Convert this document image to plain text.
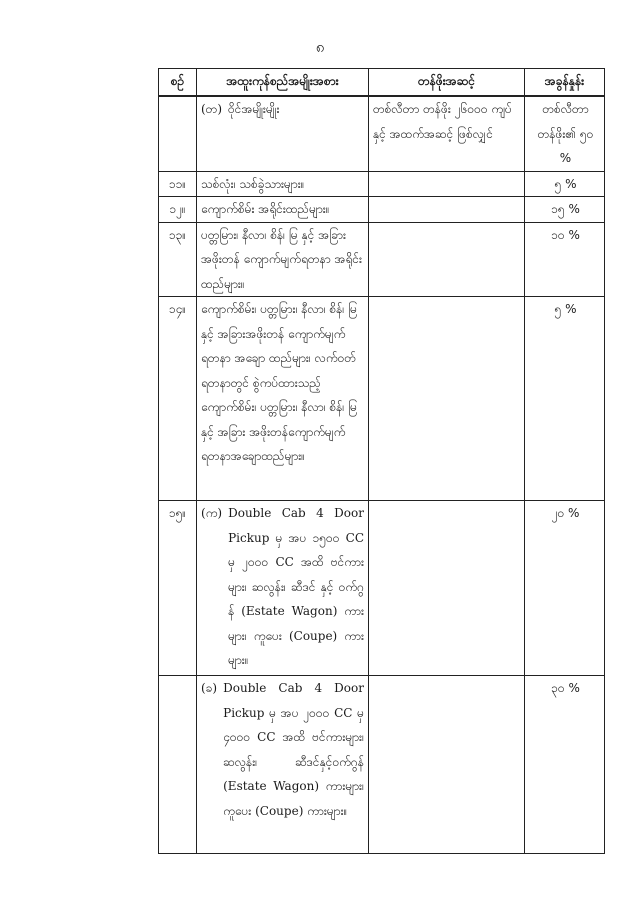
၈
စဉ်	အထူးကုန်စည်အမျိုးအစား	တန်ဖိုးအဆင့်	အခွန်နှုန်း

	(တ) ဝိုင်အမျိုးမျိုး	တစ်လီတာ တန်ဖိုး ၂၆၀၀၀ ကျပ် နှင့် အထက်အဆင့် ဖြစ်လျှင်	တစ်လီတာ တန်ဖိုး၏ ၅၀ %
၁၁။	သစ်လုံး၊ သစ်ခွဲသားများ။		၅ %
၁၂။	ကျောက်စိမ်း အရိုင်းထည်များ။		၁၅ %
၁၃။	ပတ္တမြား၊ နီလာ၊ စိန်၊ မြ နှင့် အခြားအဖိုးတန် ကျောက်မျက်ရတနာ အရိုင်း ထည်များ။		၁၀ %
၁၄။	ကျောက်စိမ်း၊ ပတ္တမြား၊ နီလာ၊ စိန်၊ မြ နှင့် အခြားအဖိုးတန် ကျောက်မျက် ရတနာ အချော ထည်များ၊ လက်ဝတ်ရတနာတွင် စွဲကပ်ထားသည့် ကျောက်စိမ်း၊ ပတ္တမြား၊ နီလာ၊ စိန်၊ မြ နှင့် အခြား အဖိုးတန်ကျောက်မျက် ရတနာအချောထည်များ။		၅ %
၁၅။	(က) Double Cab 4 Door Pickup မှ အပ ၁၅၀၀ CC မှ ၂၀၀၀ CC အထိ ဗင်ကားများ၊ ဆလွန်း၊ ဆီဒင် နှင့် ဝက်ဂွန် (Estate Wagon) ကားများ၊ ကူပေး (Coupe) ကားများ။		၂၀ %

	(ခ) Double Cab 4 Door Pickup မှ အပ ၂၀၀၀ CC မှ ၄၀၀၀ CC အထိ ဗင်ကားများ၊ ဆလွန်း၊ ဆီဒင်နှင့်ဝက်ဂွန် (Estate Wagon) ကားများ၊ ကူပေး (Coupe) ကားများ။		၃၀ %
